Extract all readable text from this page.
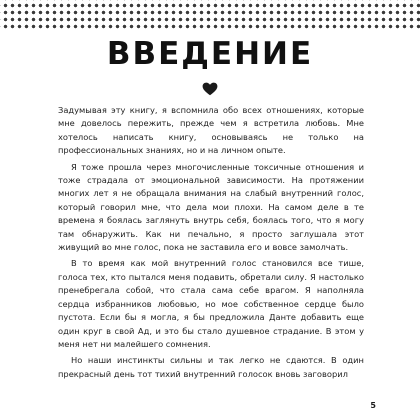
ВВЕДЕНИЕ

Задумывая эту книгу, я вспомнила обо всех отношениях, которые мне довелось пережить, прежде чем я встретила любовь. Мне хотелось написать книгу, основываясь не только на профессиональных знаниях, но и на личном опыте.

Я тоже прошла через многочисленные токсичные отношения и тоже страдала от эмоциональной зависимости. На протяжении многих лет я не обращала внимания на слабый внутренний голос, который говорил мне, что дела мои плохи. На самом деле в те времена я боялась заглянуть внутрь себя, боялась того, что я могу там обнаружить. Как ни печально, я просто заглушала этот живущий во мне голос, пока не заставила его и вовсе замолчать.

В то время как мой внутренний голос становился все тише, голоса тех, кто пытался меня подавить, обретали силу. Я настолько пренебрегала собой, что стала сама себе врагом. Я наполняла сердца избранников любовью, но мое собственное сердце было пустота. Если бы я могла, я бы предложила Данте добавить еще один круг в свой Ад, и это бы стало душевное страдание. В этом у меня нет ни малейшего сомнения.

Но наши инстинкты сильны и так легко не сдаются. В один прекрасный день тот тихий внутренний голосок вновь заговорил

5
